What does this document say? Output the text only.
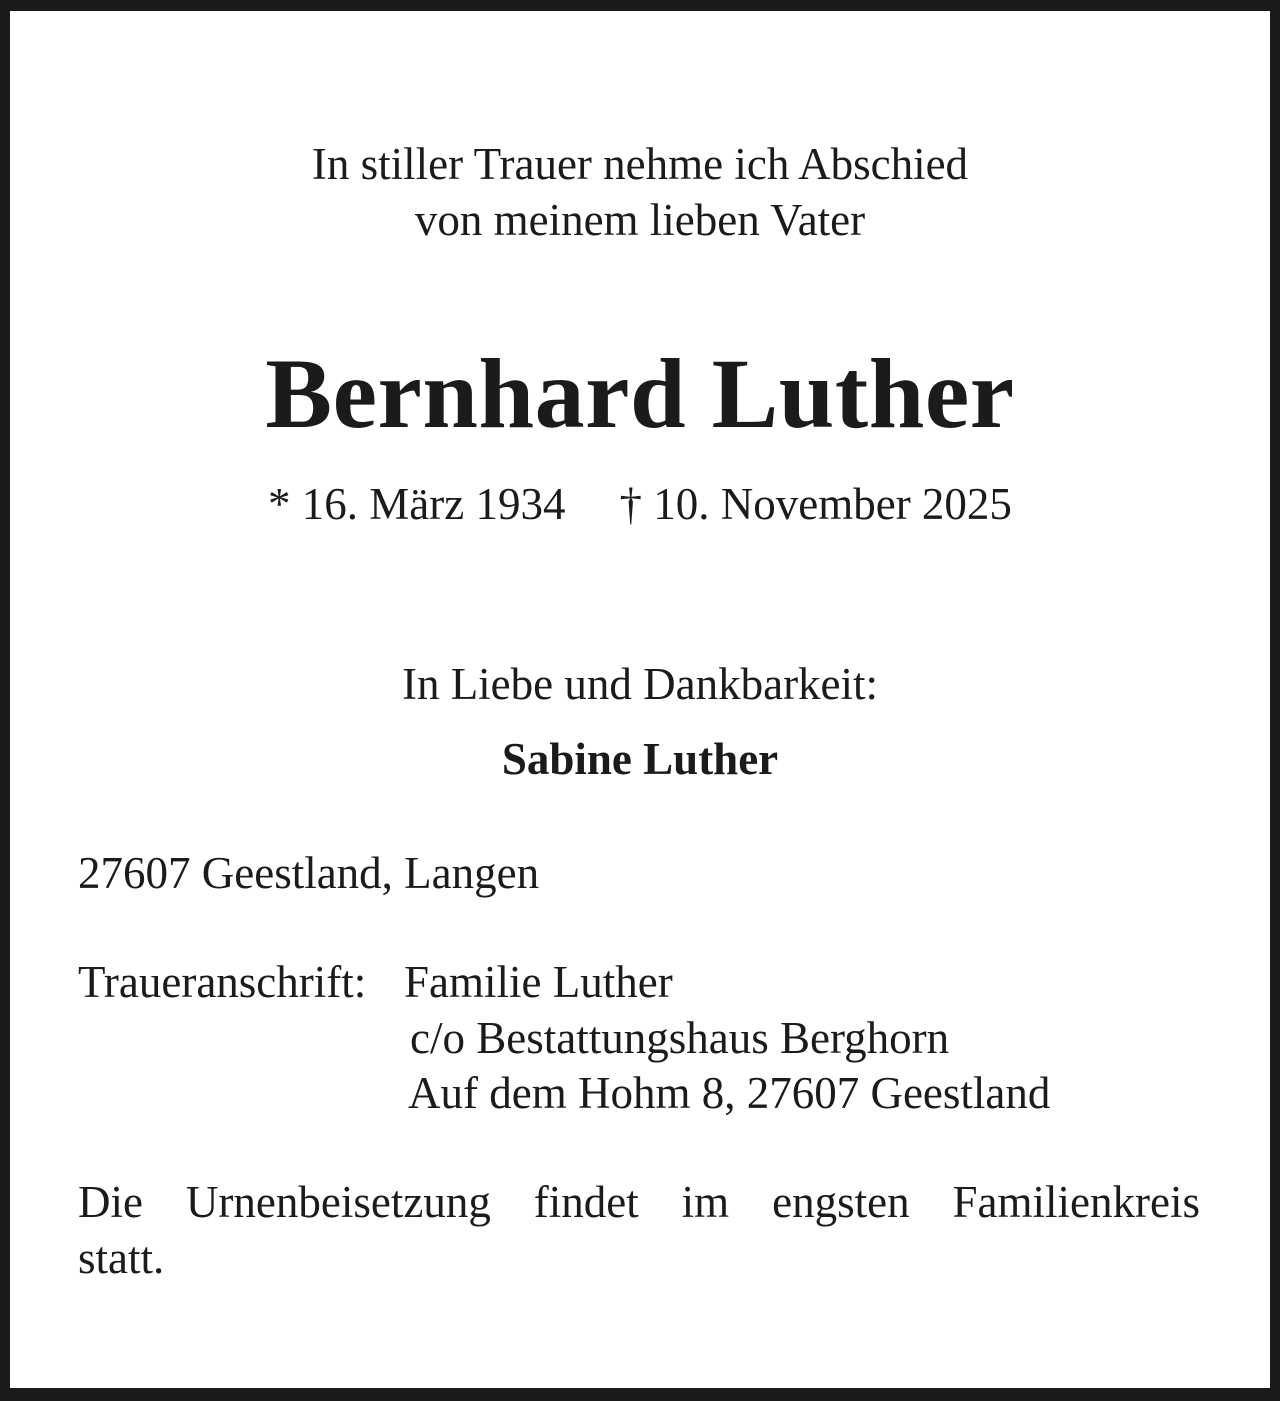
In stiller Trauer nehme ich Abschied

von meinem lieben Vater

Bernhard Luther

* 16. März 1934 † 10. November 2025

In Liebe und Dankbarkeit:

Sabine Luther

27607 Geestland, Langen

Traueranschrift: Familie Luther

c/o Bestattungshaus Berghorn

Auf dem Hohm 8, 27607 Geestland

Die Urnenbeisetzung findet im engsten Familienkreis

statt.
